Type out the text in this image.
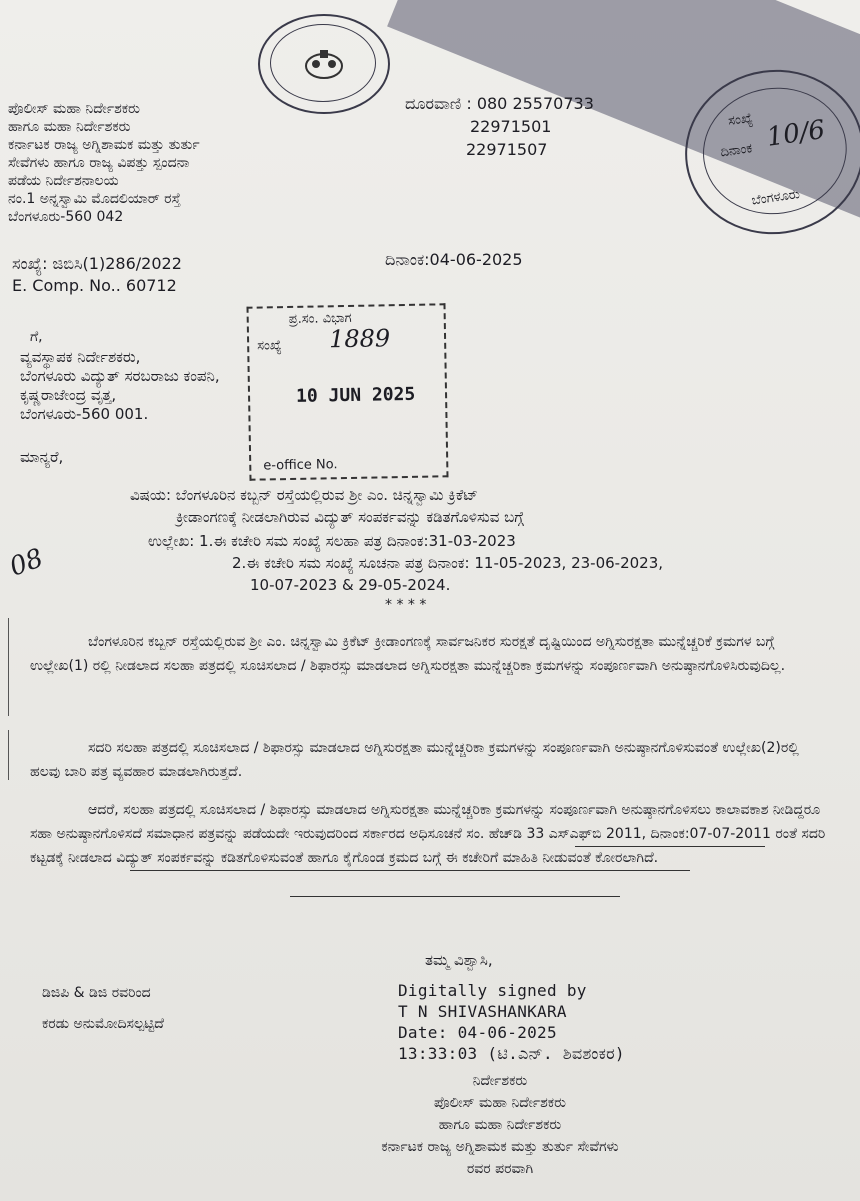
ಸಂಖ್ಯೆ
ದಿನಾಂಕ 10/6
ಬೆಂಗಳೂರು
ಪೊಲೀಸ್ ಮಹಾ ನಿರ್ದೇಶಕರು
ಹಾಗೂ ಮಹಾ ನಿರ್ದೇಶಕರು
ಕರ್ನಾಟಕ ರಾಜ್ಯ ಅಗ್ನಿಶಾಮಕ ಮತ್ತು ತುರ್ತು
ಸೇವೆಗಳು ಹಾಗೂ ರಾಜ್ಯ ವಿಪತ್ತು ಸ್ಪಂದನಾ
ಪಡೆಯ ನಿರ್ದೇಶನಾಲಯ
ನಂ.1 ಅನ್ನಸ್ವಾಮಿ ಮೊದಲಿಯಾರ್ ರಸ್ತೆ
ಬೆಂಗಳೂರು-560 042
ಸಂಖ್ಯೆ: ಜಿಬಿಸಿ(1)286/2022
E. Comp. No.. 60712
ದೂರವಾಣಿ : 080 25570733
22971501
22971507
ದಿನಾಂಕ:04-06-2025
ಗೆ,
ವ್ಯವಸ್ಥಾಪಕ ನಿರ್ದೇಶಕರು,
ಬೆಂಗಳೂರು ವಿದ್ಯುತ್ ಸರಬರಾಜು ಕಂಪನಿ,
ಕೃಷ್ಣರಾಜೇಂದ್ರ ವೃತ್ತ,
ಬೆಂಗಳೂರು-560 001.
ಮಾನ್ಯರೆ,
ಪ್ರ.ಸಂ. ವಿಭಾಗ
ಸಂಖ್ಯೆ 1889
10 JUN 2025
e-office No.
ವಿಷಯ: ಬೆಂಗಳೂರಿನ ಕಬ್ಬನ್ ರಸ್ತೆಯಲ್ಲಿರುವ ಶ್ರೀ ಎಂ. ಚಿನ್ನಸ್ವಾಮಿ ಕ್ರಿಕೆಟ್
ಕ್ರೀಡಾಂಗಣಕ್ಕೆ ನೀಡಲಾಗಿರುವ ವಿದ್ಯುತ್ ಸಂಪರ್ಕವನ್ನು ಕಡಿತಗೊಳಿಸುವ ಬಗ್ಗೆ
ಉಲ್ಲೇಖ: 1.ಈ ಕಚೇರಿ ಸಮ ಸಂಖ್ಯೆ ಸಲಹಾ ಪತ್ರ ದಿನಾಂಕ:31-03-2023
2.ಈ ಕಚೇರಿ ಸಮ ಸಂಖ್ಯೆ ಸೂಚನಾ ಪತ್ರ ದಿನಾಂಕ: 11-05-2023, 23-06-2023,
10-07-2023 & 29-05-2024.
* * * *
08
ಬೆಂಗಳೂರಿನ ಕಬ್ಬನ್ ರಸ್ತೆಯಲ್ಲಿರುವ ಶ್ರೀ ಎಂ. ಚಿನ್ನಸ್ವಾಮಿ ಕ್ರಿಕೆಟ್ ಕ್ರೀಡಾಂಗಣಕ್ಕೆ ಸಾರ್ವಜನಿಕರ ಸುರಕ್ಷತೆ ದೃಷ್ಟಿಯಿಂದ ಅಗ್ನಿಸುರಕ್ಷತಾ ಮುನ್ನೆಚ್ಚರಿಕೆ ಕ್ರಮಗಳ ಬಗ್ಗೆ ಉಲ್ಲೇಖ(1) ರಲ್ಲಿ ನೀಡಲಾದ ಸಲಹಾ ಪತ್ರದಲ್ಲಿ ಸೂಚಿಸಲಾದ / ಶಿಫಾರಸ್ಸು ಮಾಡಲಾದ ಅಗ್ನಿಸುರಕ್ಷತಾ ಮುನ್ನೆಚ್ಚರಿಕಾ ಕ್ರಮಗಳನ್ನು ಸಂಪೂರ್ಣವಾಗಿ ಅನುಷ್ಠಾನಗೊಳಿಸಿರುವುದಿಲ್ಲ.
ಸದರಿ ಸಲಹಾ ಪತ್ರದಲ್ಲಿ ಸೂಚಿಸಲಾದ / ಶಿಫಾರಸ್ಸು ಮಾಡಲಾದ ಅಗ್ನಿಸುರಕ್ಷತಾ ಮುನ್ನೆಚ್ಚರಿಕಾ ಕ್ರಮಗಳನ್ನು ಸಂಪೂರ್ಣವಾಗಿ ಅನುಷ್ಠಾನಗೊಳಿಸುವಂತೆ ಉಲ್ಲೇಖ(2)ರಲ್ಲಿ ಹಲವು ಬಾರಿ ಪತ್ರ ವ್ಯವಹಾರ ಮಾಡಲಾಗಿರುತ್ತದೆ.
ಆದರೆ, ಸಲಹಾ ಪತ್ರದಲ್ಲಿ ಸೂಚಿಸಲಾದ / ಶಿಫಾರಸ್ಸು ಮಾಡಲಾದ ಅಗ್ನಿಸುರಕ್ಷತಾ ಮುನ್ನೆಚ್ಚರಿಕಾ ಕ್ರಮಗಳನ್ನು ಸಂಪೂರ್ಣವಾಗಿ ಅನುಷ್ಠಾನಗೊಳಿಸಲು ಕಾಲಾವಕಾಶ ನೀಡಿದ್ದರೂ ಸಹಾ ಅನುಷ್ಠಾನಗೊಳಿಸದೆ ಸಮಾಧಾನ ಪತ್ರವನ್ನು ಪಡೆಯದೇ ಇರುವುದರಿಂದ ಸರ್ಕಾರದ ಅಧಿಸೂಚನೆ ಸಂ. ಹೆಚ್‌ಡಿ 33 ಎಸ್‌ಎಫ್‌ಬಿ 2011, ದಿನಾಂಕ:07-07-2011 ರಂತೆ ಸದರಿ ಕಟ್ಟಡಕ್ಕೆ ನೀಡಲಾದ ವಿದ್ಯುತ್ ಸಂಪರ್ಕವನ್ನು ಕಡಿತಗೊಳಿಸುವಂತೆ ಹಾಗೂ ಕೈಗೊಂಡ ಕ್ರಮದ ಬಗ್ಗೆ ಈ ಕಚೇರಿಗೆ ಮಾಹಿತಿ ನೀಡುವಂತೆ ಕೋರಲಾಗಿದೆ.
ತಮ್ಮ ವಿಶ್ವಾಸಿ,
ಡಿಜಿಪಿ & ಡಿಜಿ ರವರಿಂದ
ಕರಡು ಅನುಮೋದಿಸಲ್ಪಟ್ಟಿದೆ
Digitally signed by
T N SHIVASHANKARA
Date: 04-06-2025
13:33:03 (ಟಿ.ಎನ್. ಶಿವಶಂಕರ)
ನಿರ್ದೇಶಕರು
ಪೊಲೀಸ್ ಮಹಾ ನಿರ್ದೇಶಕರು
ಹಾಗೂ ಮಹಾ ನಿರ್ದೇಶಕರು
ಕರ್ನಾಟಕ ರಾಜ್ಯ ಅಗ್ನಿಶಾಮಕ ಮತ್ತು ತುರ್ತು ಸೇವೆಗಳು
ರವರ ಪರವಾಗಿ
